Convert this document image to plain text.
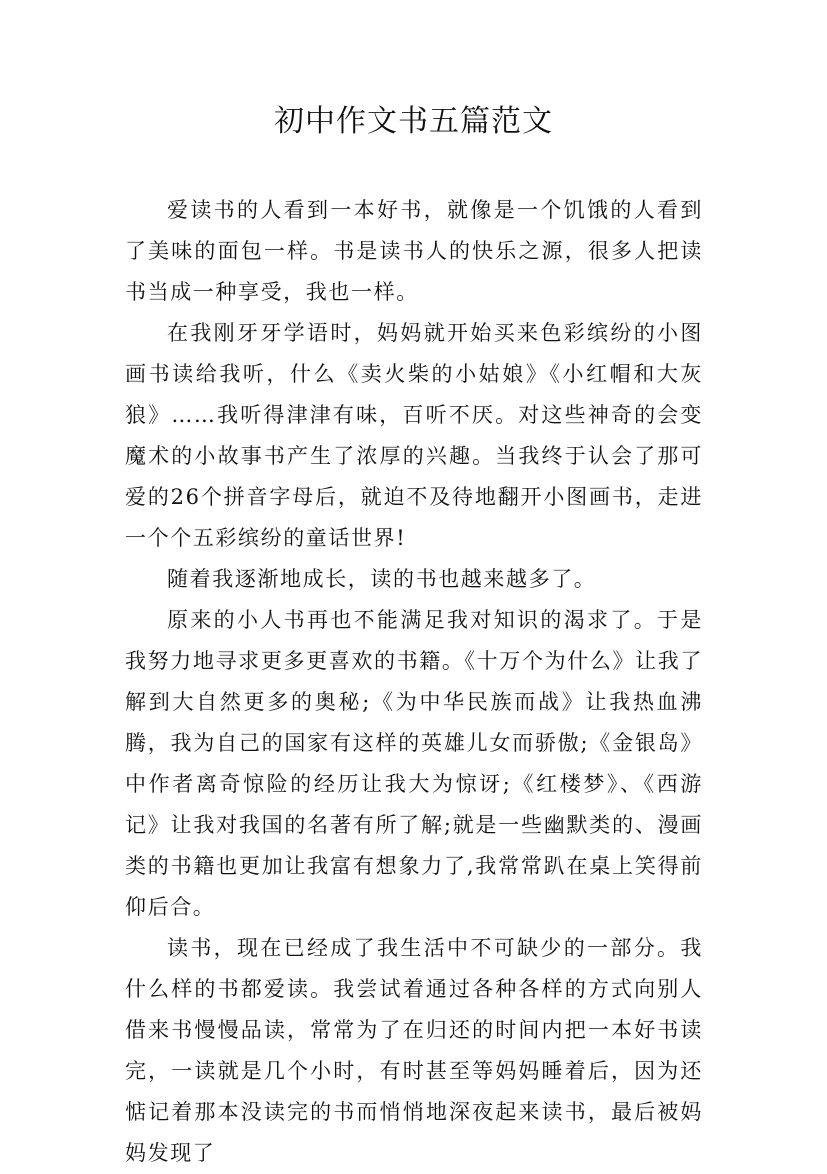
初中作文书五篇范文

爱读书的人看到一本好书，就像是一个饥饿的人看到了美味的面包一样。书是读书人的快乐之源，很多人把读书当成一种享受，我也一样。

在我刚牙牙学语时，妈妈就开始买来色彩缤纷的小图画书读给我听，什么《卖火柴的小姑娘》《小红帽和大灰狼》……我听得津津有味，百听不厌。对这些神奇的会变魔术的小故事书产生了浓厚的兴趣。当我终于认会了那可爱的26个拼音字母后，就迫不及待地翻开小图画书，走进一个个五彩缤纷的童话世界!

随着我逐渐地成长，读的书也越来越多了。

原来的小人书再也不能满足我对知识的渴求了。于是我努力地寻求更多更喜欢的书籍。《十万个为什么》让我了解到大自然更多的奥秘;《为中华民族而战》让我热血沸腾，我为自己的国家有这样的英雄儿女而骄傲;《金银岛》中作者离奇惊险的经历让我大为惊讶;《红楼梦》、《西游记》让我对我国的名著有所了解;就是一些幽默类的、漫画类的书籍也更加让我富有想象力了,我常常趴在桌上笑得前仰后合。

读书，现在已经成了我生活中不可缺少的一部分。我什么样的书都爱读。我尝试着通过各种各样的方式向别人借来书慢慢品读，常常为了在归还的时间内把一本好书读完，一读就是几个小时，有时甚至等妈妈睡着后，因为还惦记着那本没读完的书而悄悄地深夜起来读书，最后被妈妈发现了
